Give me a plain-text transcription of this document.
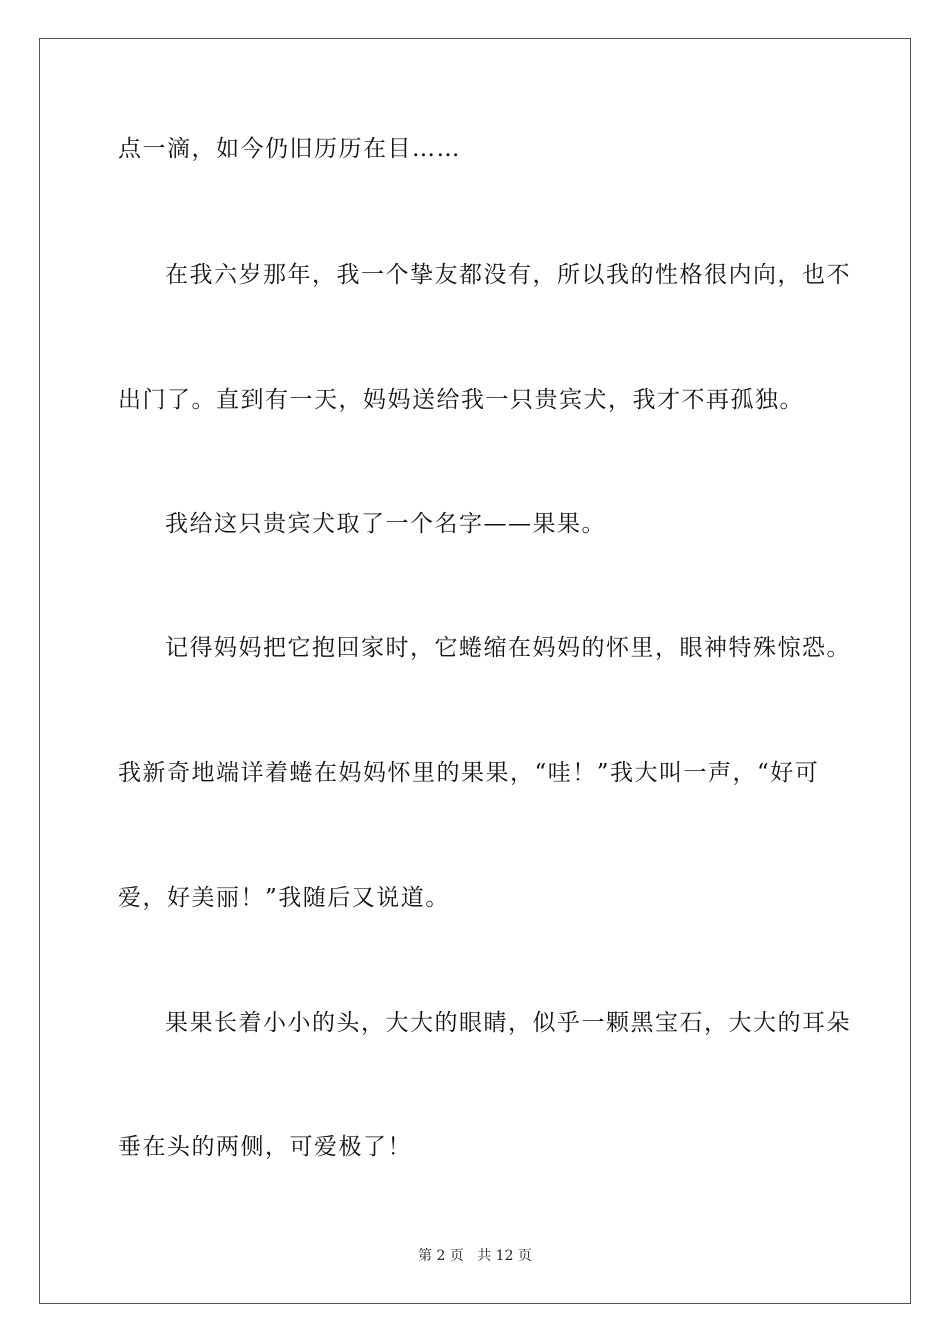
点一滴，如今仍旧历历在目……
在我六岁那年，我一个挚友都没有，所以我的性格很内向，也不
出门了。直到有一天，妈妈送给我一只贵宾犬，我才不再孤独。
我给这只贵宾犬取了一个名字——果果。
记得妈妈把它抱回家时，它蜷缩在妈妈的怀里，眼神特殊惊恐。
我新奇地端详着蜷在妈妈怀里的果果，“哇！”我大叫一声，“好可
爱，好美丽！”我随后又说道。
果果长着小小的头，大大的眼睛，似乎一颗黑宝石，大大的耳朵
垂在头的两侧，可爱极了！
第 2 页 共 12 页
